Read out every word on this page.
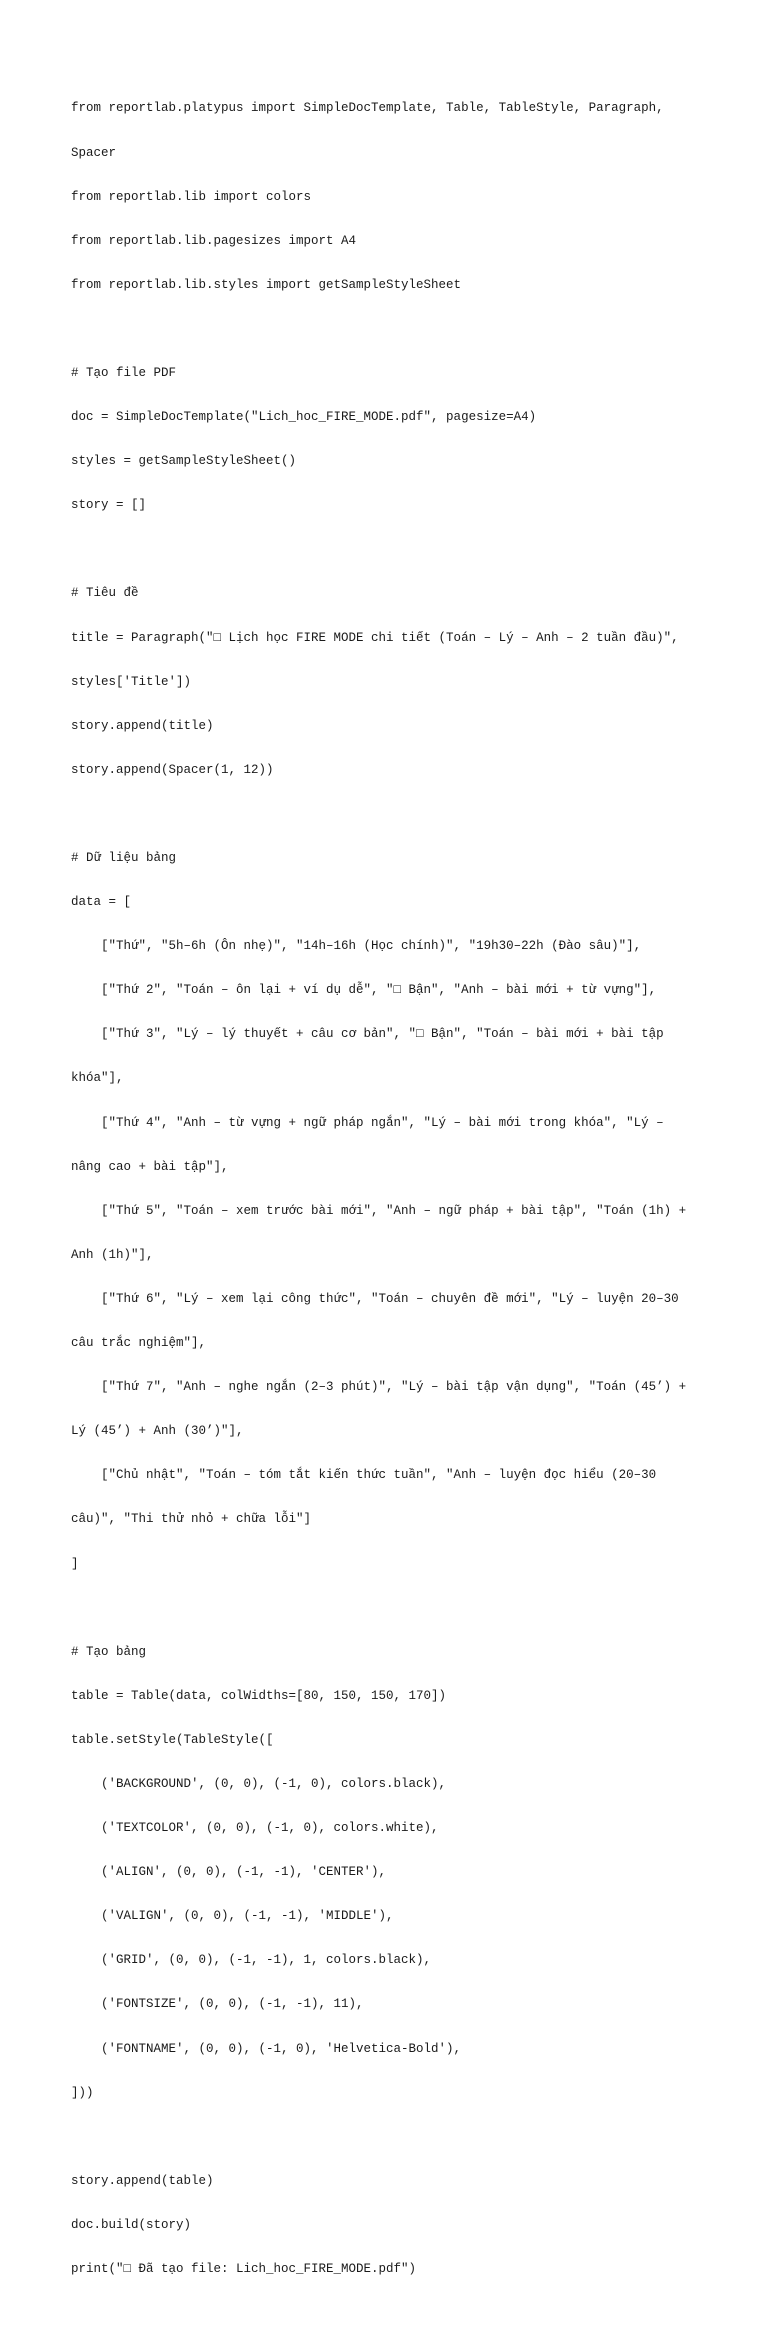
from reportlab.platypus import SimpleDocTemplate, Table, TableStyle, Paragraph,

Spacer

from reportlab.lib import colors

from reportlab.lib.pagesizes import A4

from reportlab.lib.styles import getSampleStyleSheet

# Tạo file PDF

doc = SimpleDocTemplate("Lich_hoc_FIRE_MODE.pdf", pagesize=A4)

styles = getSampleStyleSheet()

story = []

# Tiêu đề

title = Paragraph("□ Lịch học FIRE MODE chi tiết (Toán – Lý – Anh – 2 tuần đầu)",

styles['Title'])

story.append(title)

story.append(Spacer(1, 12))

# Dữ liệu bảng

data = [

["Thứ", "5h–6h (Ôn nhẹ)", "14h–16h (Học chính)", "19h30–22h (Đào sâu)"],

["Thứ 2", "Toán – ôn lại + ví dụ dễ", "□ Bận", "Anh – bài mới + từ vựng"],

["Thứ 3", "Lý – lý thuyết + câu cơ bản", "□ Bận", "Toán – bài mới + bài tập

khóa"],

["Thứ 4", "Anh – từ vựng + ngữ pháp ngắn", "Lý – bài mới trong khóa", "Lý –

nâng cao + bài tập"],

["Thứ 5", "Toán – xem trước bài mới", "Anh – ngữ pháp + bài tập", "Toán (1h) +

Anh (1h)"],

["Thứ 6", "Lý – xem lại công thức", "Toán – chuyên đề mới", "Lý – luyện 20–30

câu trắc nghiệm"],

["Thứ 7", "Anh – nghe ngắn (2–3 phút)", "Lý – bài tập vận dụng", "Toán (45’) +

Lý (45’) + Anh (30’)"],

["Chủ nhật", "Toán – tóm tắt kiến thức tuần", "Anh – luyện đọc hiểu (20–30

câu)", "Thi thử nhỏ + chữa lỗi"]

]

# Tạo bảng

table = Table(data, colWidths=[80, 150, 150, 170])

table.setStyle(TableStyle([

('BACKGROUND', (0, 0), (-1, 0), colors.black),

('TEXTCOLOR', (0, 0), (-1, 0), colors.white),

('ALIGN', (0, 0), (-1, -1), 'CENTER'),

('VALIGN', (0, 0), (-1, -1), 'MIDDLE'),

('GRID', (0, 0), (-1, -1), 1, colors.black),

('FONTSIZE', (0, 0), (-1, -1), 11),

('FONTNAME', (0, 0), (-1, 0), 'Helvetica-Bold'),

]))

story.append(table)

doc.build(story)

print("□ Đã tạo file: Lich_hoc_FIRE_MODE.pdf")
